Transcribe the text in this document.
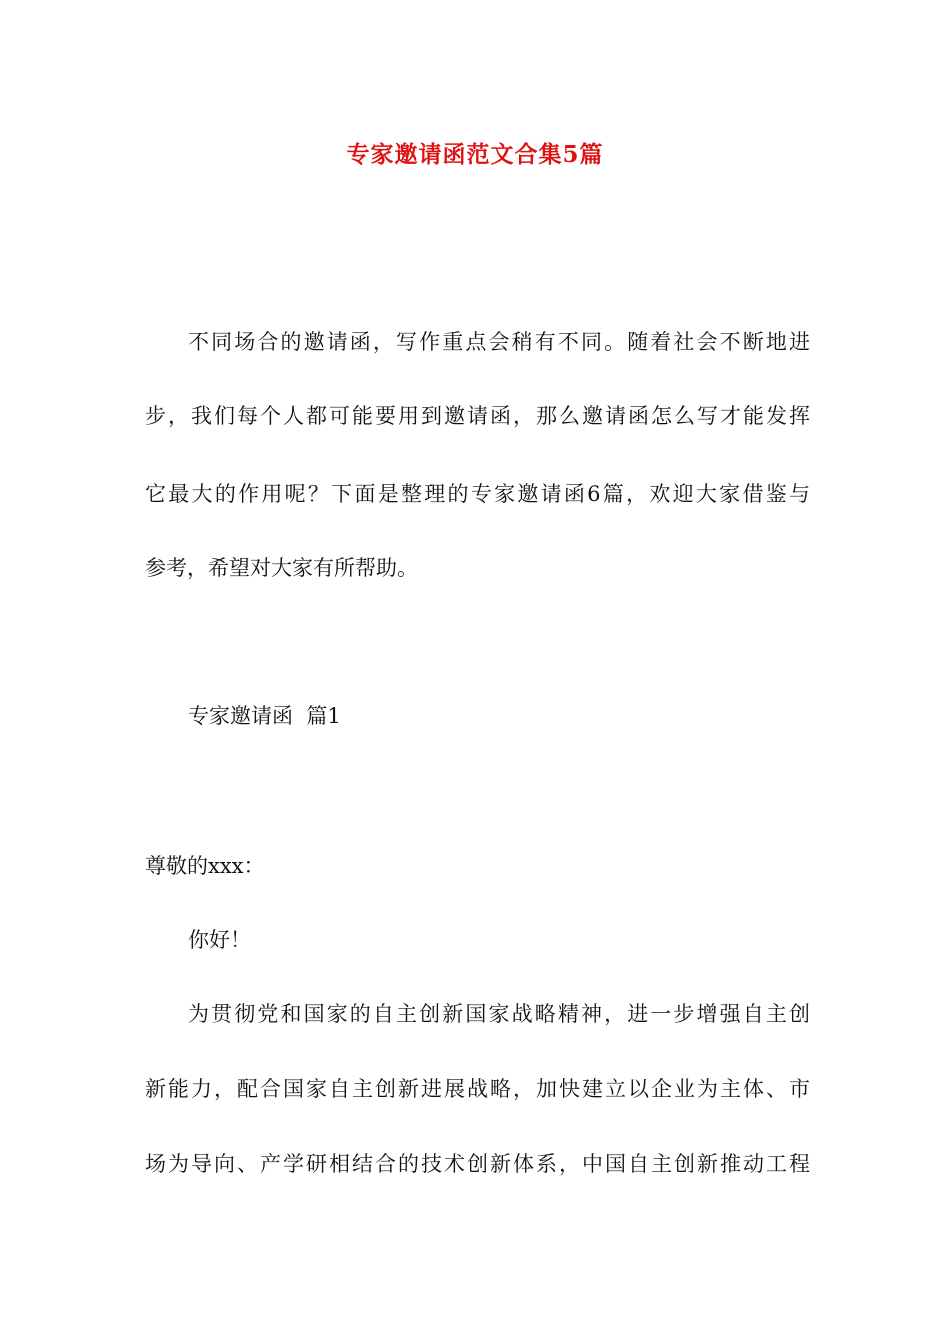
专家邀请函范文合集5篇
不同场合的邀请函，写作重点会稍有不同。随着社会不断地进
步，我们每个人都可能要用到邀请函，那么邀请函怎么写才能发挥
它最大的作用呢？下面是整理的专家邀请函6篇，欢迎大家借鉴与
参考，希望对大家有所帮助。
专家邀请函  篇1
尊敬的xxx：
你好！
为贯彻党和国家的自主创新国家战略精神，进一步增强自主创
新能力，配合国家自主创新进展战略，加快建立以企业为主体、市
场为导向、产学研相结合的技术创新体系，中国自主创新推动工程
